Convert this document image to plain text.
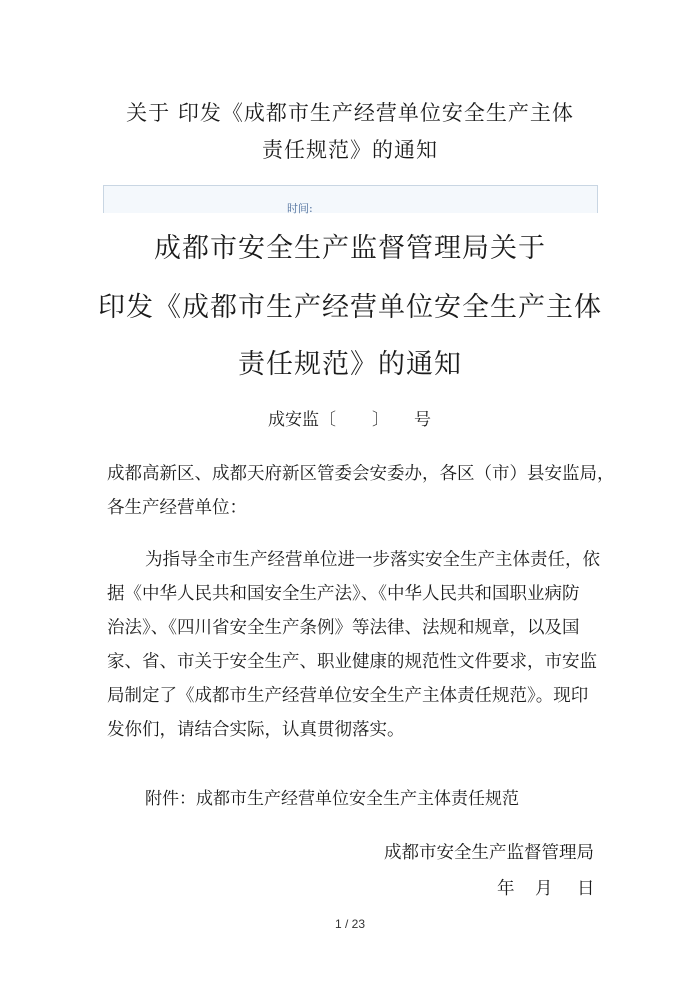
关于 印发《成都市生产经营单位安全生产主体
责任规范》的通知
时间:
成都市安全生产监督管理局关于
印发《成都市生产经营单位安全生产主体
责任规范》的通知
成安监〔 〕 号
成都高新区、成都天府新区管委会安委办，各区（市）县安监局，
各生产经营单位：
为指导全市生产经营单位进一步落实安全生产主体责任，依
据《中华人民共和国安全生产法》、《中华人民共和国职业病防
治法》、《四川省安全生产条例》等法律、法规和规章，以及国
家、省、市关于安全生产、职业健康的规范性文件要求，市安监
局制定了《成都市生产经营单位安全生产主体责任规范》。现印
发你们，请结合实际，认真贯彻落实。
附件：成都市生产经营单位安全生产主体责任规范
成都市安全生产监督管理局
年 月 日
1 / 23
